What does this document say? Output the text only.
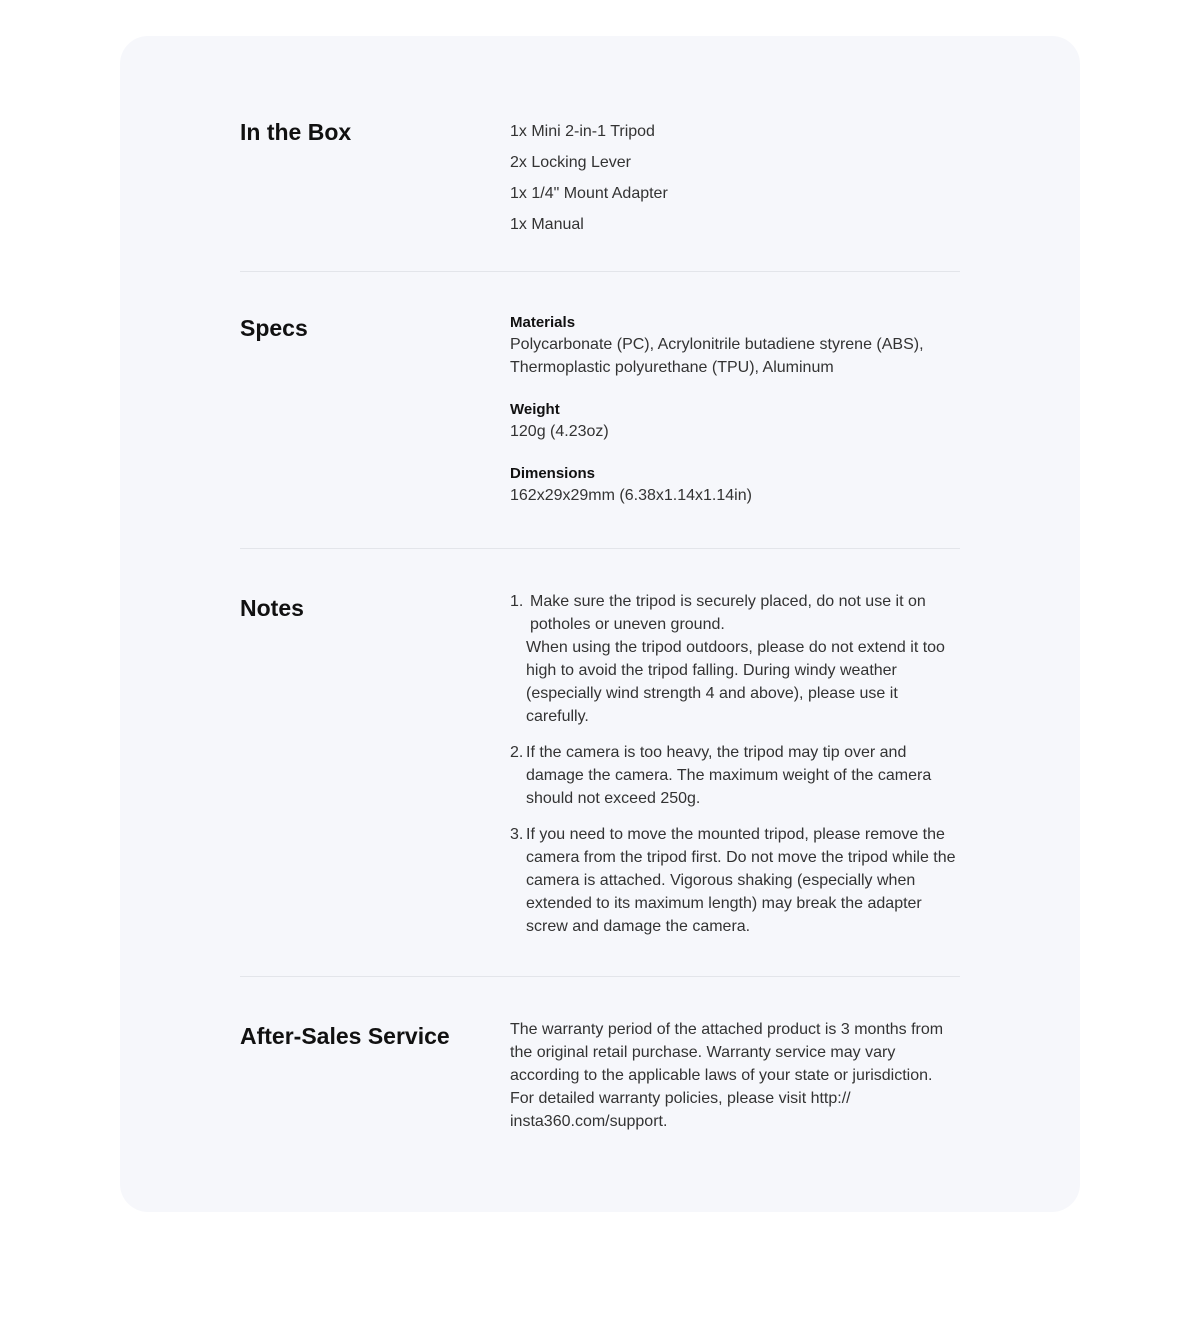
In the Box	1x Mini 2-in-1 Tripod
2x Locking Lever
1x 1/4" Mount Adapter
1x Manual
Specs	Materials
Polycarbonate (PC), Acrylonitrile butadiene styrene (ABS), Thermoplastic polyurethane (TPU), Aluminum
Weight
120g (4.23oz)
Dimensions
162x29x29mm (6.38x1.14x1.14in)
Notes	1. Make sure the tripod is securely placed, do not use it on potholes or uneven ground.

When using the tripod outdoors, please do not extend it too high to avoid the tripod falling. During windy weather (especially wind strength 4 and above), please use it carefully.

2. If the camera is too heavy, the tripod may tip over and damage the camera. The maximum weight of the camera should not exceed 250g.

3. If you need to move the mounted tripod, please remove the camera from the tripod first. Do not move the tripod while the camera is attached. Vigorous shaking (especially when extended to its maximum length) may break the adapter screw and damage the camera.

After-Sales Service	The warranty period of the attached product is 3 months from the original retail purchase. Warranty service may vary according to the applicable laws of your state or jurisdiction. For detailed warranty policies, please visit http:// insta360.com/support.
